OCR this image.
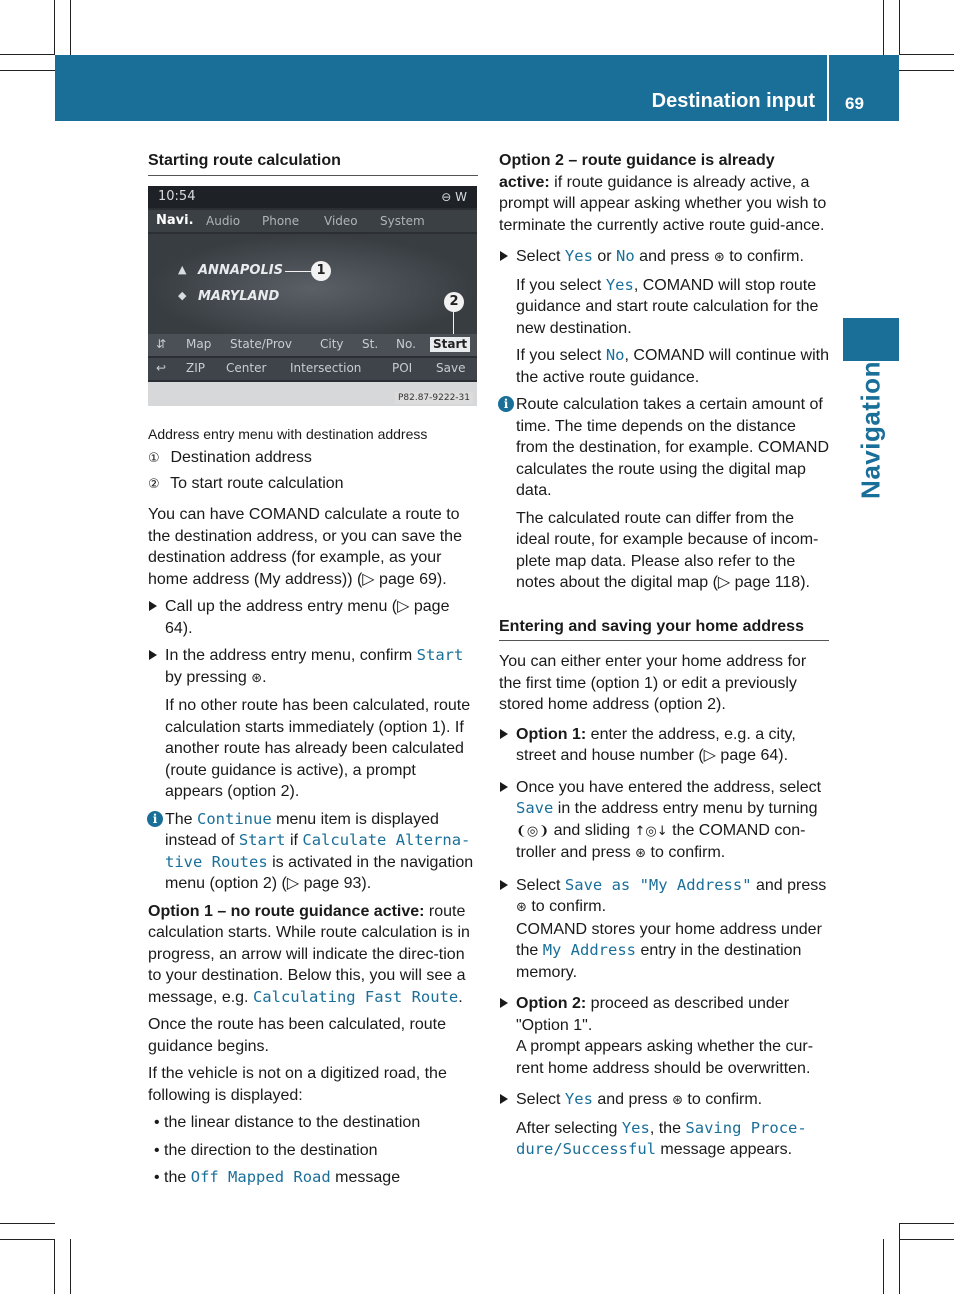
Destination input 69
Navigation
Starting route calculation
10:54	⊖ W
Navi. Audio Phone Video System
▲ ANNAPOLIS
◆ MARYLAND
1
2
⇵ Map State/Prov City St. No. Start
↩ ZIP Center Intersection	POI Save
P82.87-9222-31

Address entry menu with destination address

① Destination address

② To start route calculation

You can have COMAND calculate a route to the destination address, or you can save the destination address (for example, as your home address (My address)) (▷ page 69).

Call up the address entry menu (▷ page 64).
In the address entry menu, confirm Start by pressing ⊛.
If no other route has been calculated, route calculation starts immediately (option 1). If another route has already been calculated (route guidance is active), a prompt appears (option 2).
i The Continue menu item is displayed instead of Start if Calculate Alterna-tive Routes is activated in the navigation menu (option 2) (▷ page 93).

Option 1 – no route guidance active: route calculation starts. While route calculation is in progress, an arrow will indicate the direc-tion to your destination. Below this, you will see a message, e.g. Calculating Fast Route.

Once the route has been calculated, route guidance begins.

If the vehicle is not on a digitized road, the following is displayed:

• the linear distance to the destination

• the direction to the destination

• the Off Mapped Road message

Option 2 – route guidance is already active: if route guidance is already active, a prompt will appear asking whether you wish to terminate the currently active route guid-ance.

Select Yes or No and press ⊛ to confirm.
If you select Yes, COMAND will stop route guidance and start route calculation for the new destination.
If you select No, COMAND will continue with the active route guidance.
i Route calculation takes a certain amount of time. The time depends on the distance from the destination, for example. COMAND calculates the route using the digital map data.
The calculated route can differ from the ideal route, for example because of incom-plete map data. Please also refer to the notes about the digital map (▷ page 118).
Entering and saving your home address

You can either enter your home address for the first time (option 1) or edit a previously stored home address (option 2).

Option 1: enter the address, e.g. a city, street and house number (▷ page 64).
Once you have entered the address, select Save in the address entry menu by turning ❨◎❩ and sliding ↑◎↓ the COMAND con-troller and press ⊛ to confirm.
Select Save as "My Address" and press ⊛ to confirm.
COMAND stores your home address under the My Address entry in the destination memory.
Option 2: proceed as described under "Option 1".
A prompt appears asking whether the cur-rent home address should be overwritten.
Select Yes and press ⊛ to confirm.
After selecting Yes, the Saving Proce-dure/Successful message appears.
